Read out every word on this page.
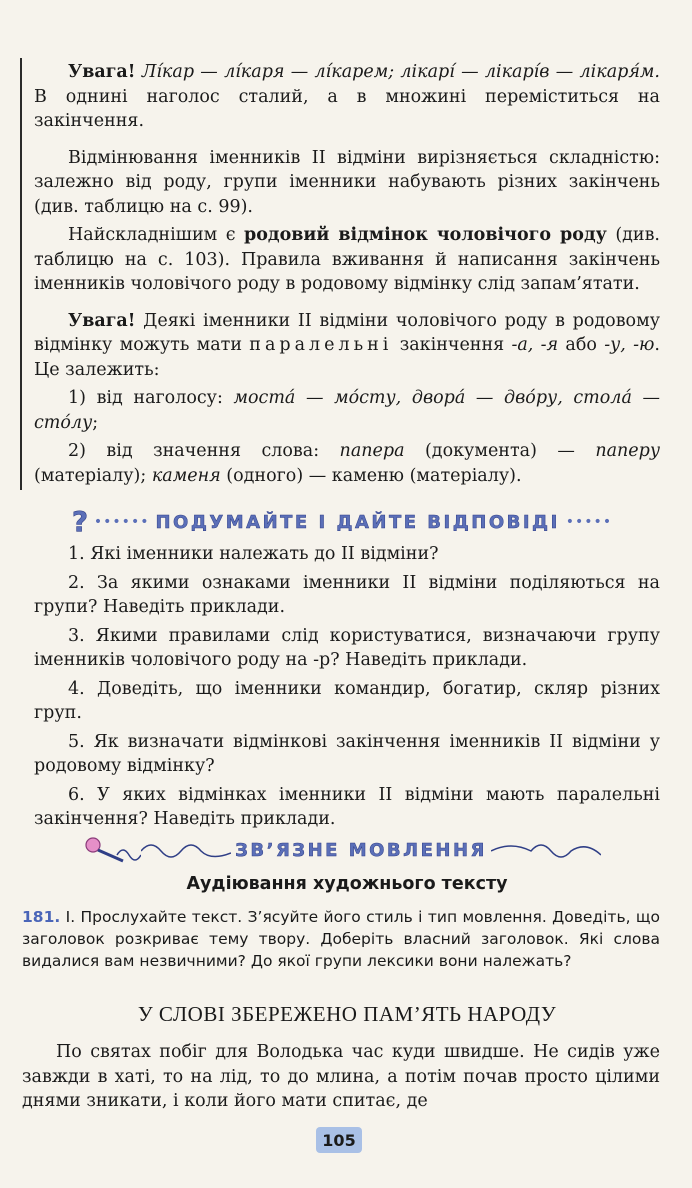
Увага! Лíкар — лíкаря — лíкарем; лікарí — лікарíв — лікаря́м. В однині наголос сталий, а в множині переміститься на закінчення.

Відмінювання іменників ІІ відміни вирізняється складністю: залежно від роду, групи іменники набувають різних закінчень (див. таблицю на с. 99).

Найскладнішим є родовий відмінок чоловічого роду (див. таблицю на с. 103). Правила вживання й написання закінчень іменників чоловічого роду в родовому відмінку слід запам’ятати.

Увага! Деякі іменники ІІ відміни чоловічого роду в родовому відмінку можуть мати паралельні закінчення -а, -я або -у, -ю. Це залежить:

1) від наголосу: моста́ — мо́сту, двора́ — дво́ру, стола́ — сто́лу;

2) від значення слова: папера (документа) — паперу (матеріалу); каменя (одного) — каменю (матеріалу).

? •••••• ПОДУМАЙТЕ І ДАЙТЕ ВІДПОВІДІ •••••

1. Які іменники належать до ІІ відміни?

2. За якими ознаками іменники ІІ відміни поділяються на групи? Наведіть приклади.

3. Якими правилами слід користуватися, визначаючи групу іменників чоловічого роду на -р? Наведіть приклади.

4. Доведіть, що іменники командир, богатир, скляр різних груп.

5. Як визначати відмінкові закінчення іменників ІІ відміни у родовому відмінку?

6. У яких відмінках іменники ІІ відміни мають паралельні закінчення? Наведіть приклади.

ЗВ’ЯЗНЕ МОВЛЕННЯ
Аудіювання художнього тексту

181. І. Прослухайте текст. З’ясуйте його стиль і тип мовлення. Доведіть, що заголовок розкриває тему твору. Доберіть власний заголовок. Які слова видалися вам незвичними? До якої групи лексики вони належать?

У СЛОВІ ЗБЕРЕЖЕНО ПАМ’ЯТЬ НАРОДУ

По святах побіг для Володька час куди швидше. Не сидів уже завжди в хаті, то на лід, то до млина, а потім почав просто цілими днями зникати, і коли його мати спитає, де

105
